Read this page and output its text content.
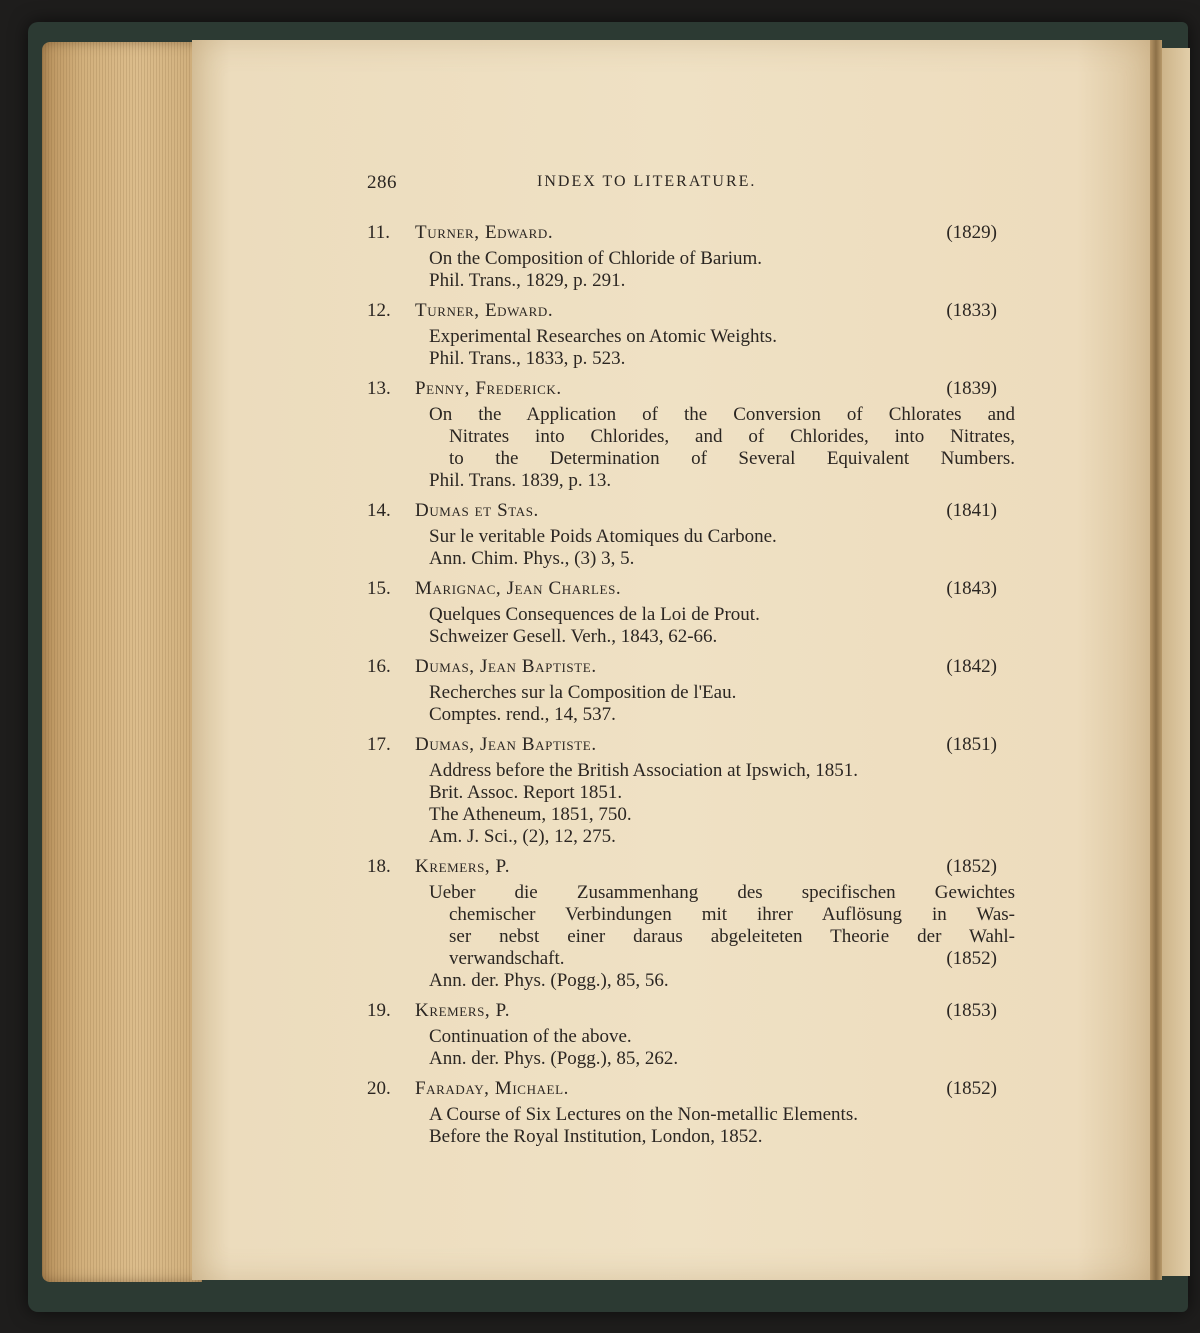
286	INDEX TO LITERATURE.
11. Turner, Edward.	(1829)
On the Composition of Chloride of Barium.
Phil. Trans., 1829, p. 291.
12. Turner, Edward.	(1833)
Experimental Researches on Atomic Weights.
Phil. Trans., 1833, p. 523.
13. Penny, Frederick.	(1839)
On the Application of the Conversion of Chlorates and
Nitrates into Chlorides, and of Chlorides, into Nitrates,
to the Determination of Several Equivalent Numbers.
Phil. Trans. 1839, p. 13.
14. Dumas et Stas.	(1841)
Sur le veritable Poids Atomiques du Carbone.
Ann. Chim. Phys., (3) 3, 5.
15. Marignac, Jean Charles.	(1843)
Quelques Consequences de la Loi de Prout.
Schweizer Gesell. Verh., 1843, 62-66.
16. Dumas, Jean Baptiste.	(1842)
Recherches sur la Composition de l'Eau.
Comptes. rend., 14, 537.
17. Dumas, Jean Baptiste.	(1851)
Address before the British Association at Ipswich, 1851.
Brit. Assoc. Report 1851.
The Atheneum, 1851, 750.
Am. J. Sci., (2), 12, 275.
18. Kremers, P.	(1852)
Ueber die Zusammenhang des specifischen Gewichtes
chemischer Verbindungen mit ihrer Auflösung in Was-
ser nebst einer daraus abgeleiteten Theorie der Wahl-
verwandschaft.	(1852)
Ann. der. Phys. (Pogg.), 85, 56.
19. Kremers, P.	(1853)
Continuation of the above.
Ann. der. Phys. (Pogg.), 85, 262.
20. Faraday, Michael.	(1852)
A Course of Six Lectures on the Non-metallic Elements.
Before the Royal Institution, London, 1852.
